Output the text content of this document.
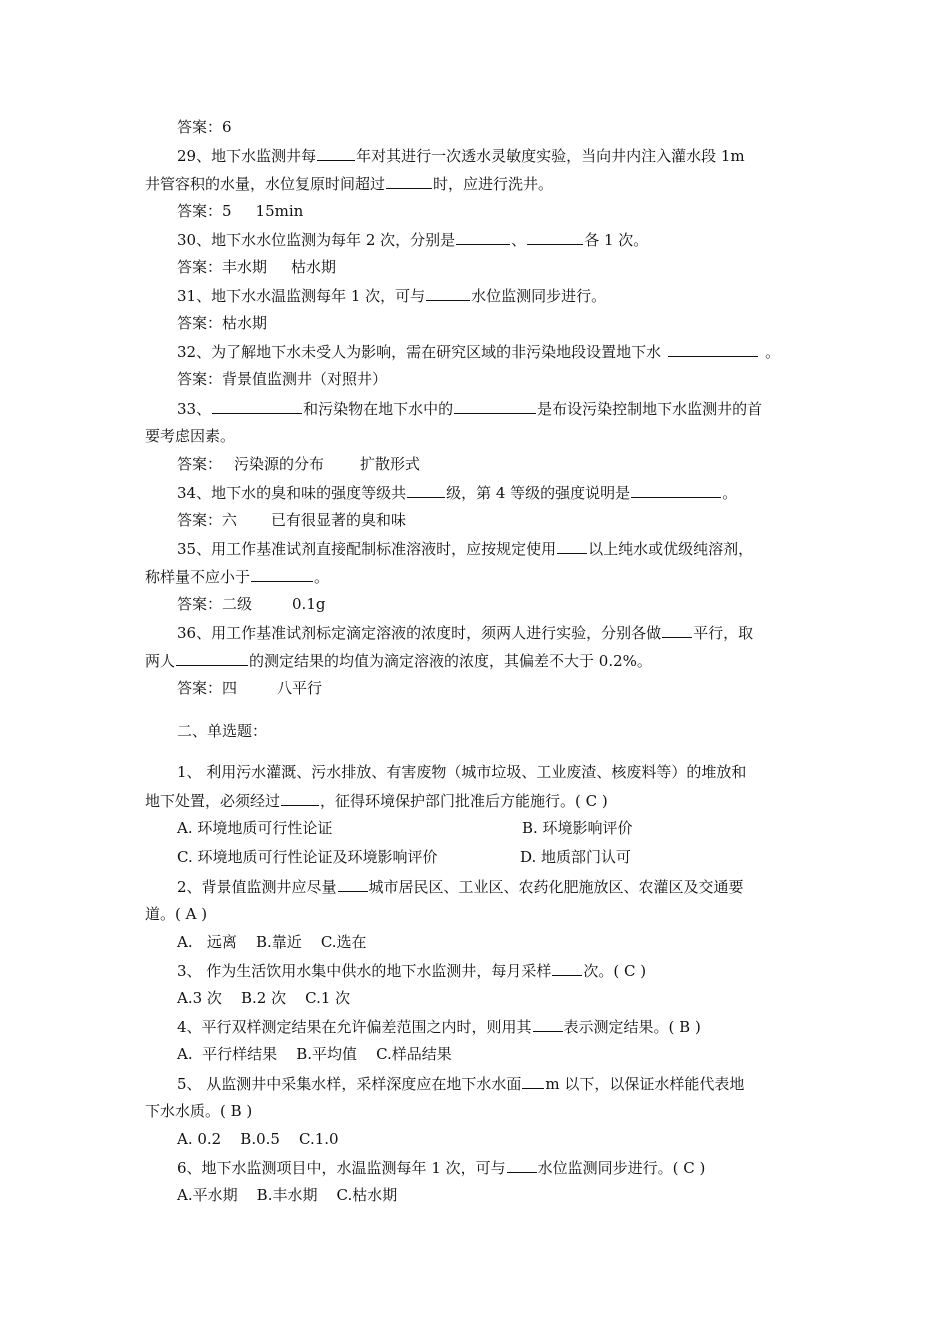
答案：6
29、地下水监测井每	年对其进行一次透水灵敏度实验，当向井内注入灌水段 1m
井管容积的水量，水位复原时间超过	时，应进行洗井。
答案：5 15min
30、地下水水位监测为每年 2 次，分别是	、	各 1 次。
答案：丰水期 枯水期
31、地下水水温监测每年 1 次，可与	水位监测同步进行。
答案：枯水期
32、为了解地下水未受人为影响，需在研究区域的非污染地段设置地下水	。
答案：背景值监测井（对照井）
33、	和污染物在地下水中的	是布设污染控制地下水监测井的首
要考虑因素。
答案： 污染源的分布 扩散形式
34、地下水的臭和味的强度等级共	级，第 4 等级的强度说明是	。
答案：六 已有很显著的臭和味
35、用工作基准试剂直接配制标准溶液时，应按规定使用 以上纯水或优级纯溶剂，
称样量不应小于	。
答案：二级	0.1g
36、用工作基准试剂标定滴定溶液的浓度时，须两人进行实验，分别各做 平行，取
两人	的测定结果的均值为滴定溶液的浓度，其偏差不大于 0.2%。
答案：四	八平行
二、单选题：
1、 利用污水灌溉、污水排放、有害废物（城市垃圾、工业废渣、核废料等）的堆放和
地下处置，必须经过	，征得环境保护部门批准后方能施行。( C )
A. 环境地质可行性论证	B. 环境影响评价
C. 环境地质可行性论证及环境影响评价	D. 地质部门认可
2、背景值监测井应尽量 城市居民区、工业区、农药化肥施放区、农灌区及交通要
道。( A )
A.   远离    B.靠近    C.选在
3、 作为生活饮用水集中供水的地下水监测井，每月采样 次。( C )
A.3 次    B.2 次    C.1 次
4、平行双样测定结果在允许偏差范围之内时，则用其 表示测定结果。( B )
A.  平行样结果    B.平均值    C.样品结果
5、 从监测井中采集水样，采样深度应在地下水水面 m 以下，以保证水样能代表地
下水水质。( B )
A. 0.2    B.0.5    C.1.0
6、地下水监测项目中，水温监测每年 1 次，可与 水位监测同步进行。( C )
A.平水期    B.丰水期    C.枯水期
